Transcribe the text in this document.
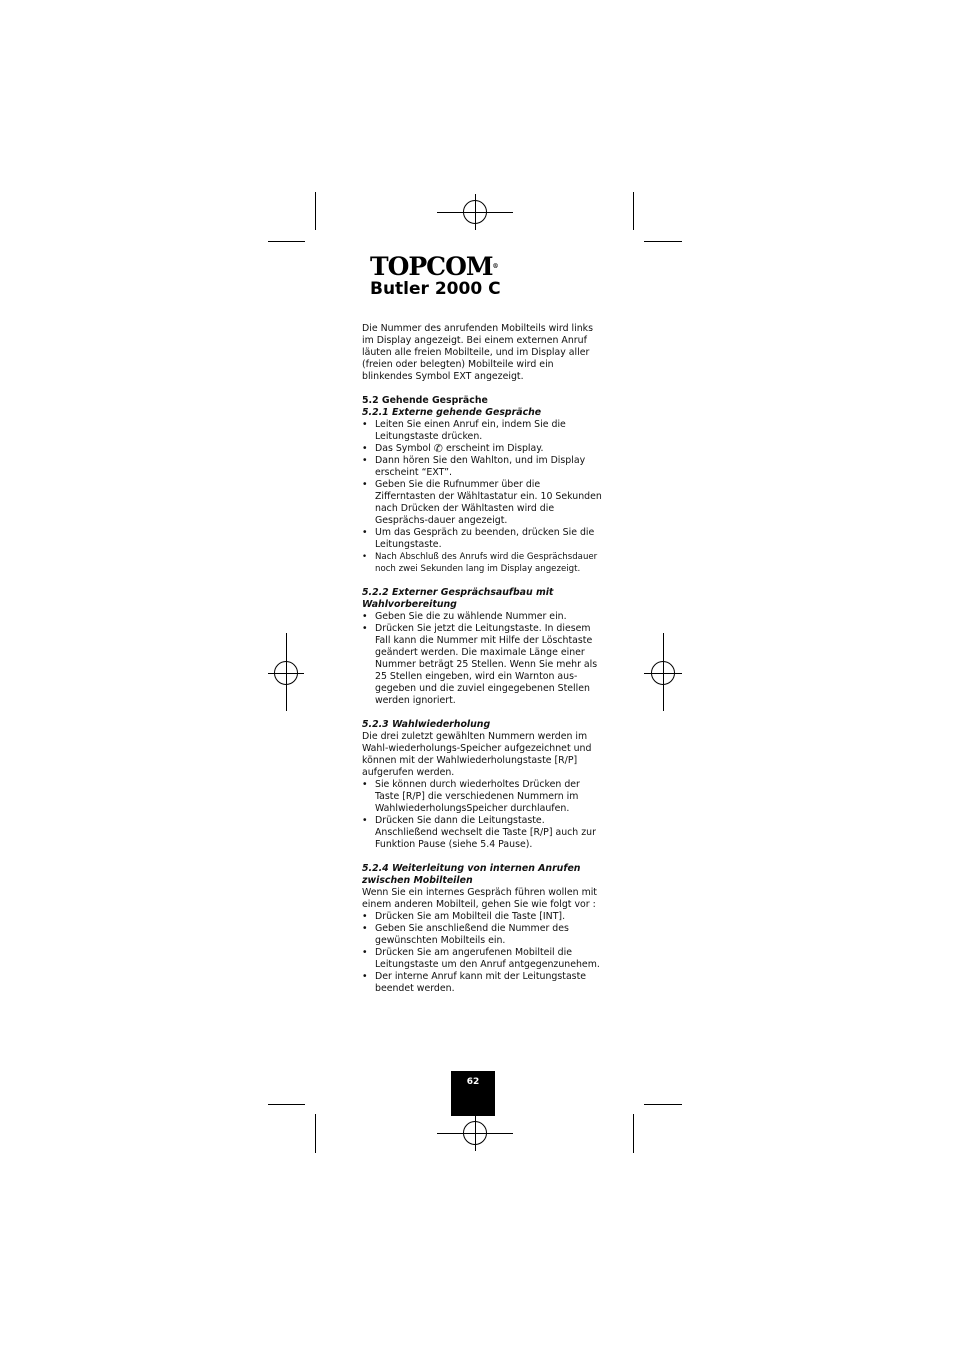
TOPCOM®
Butler 2000 C

Die Nummer des anrufenden Mobilteils wird links im Display angezeigt. Bei einem externen Anruf läuten alle freien Mobilteile, und im Display aller (freien oder belegten) Mobilteile wird ein blinkendes Symbol EXT angezeigt.

5.2 Gehende Gespräche

5.2.1 Externe gehende Gespräche

• Leiten Sie einen Anruf ein, indem Sie die Leitungstaste drücken.
• Das Symbol ✆ erscheint im Display.
• Dann hören Sie den Wahlton, und im Display erscheint “EXT”.
• Geben Sie die Rufnummer über die Zifferntasten der Wähltastatur ein. 10 Sekunden nach Drücken der Wähltasten wird die Gesprächs-dauer angezeigt.
• Um das Gespräch zu beenden, drücken Sie die Leitungstaste.
• Nach Abschluß des Anrufs wird die Gesprächsdauer noch zwei Sekunden lang im Display angezeigt.

5.2.2 Externer Gesprächsaufbau mit Wahlvorbereitung

• Geben Sie die zu wählende Nummer ein.
• Drücken Sie jetzt die Leitungstaste. In diesem Fall kann die Nummer mit Hilfe der Löschtaste geändert werden. Die maximale Länge einer Nummer beträgt 25 Stellen. Wenn Sie mehr als 25 Stellen eingeben, wird ein Warnton aus-gegeben und die zuviel eingegebenen Stellen werden ignoriert.

5.2.3 Wahlwiederholung

Die drei zuletzt gewählten Nummern werden im Wahl-wiederholungs-Speicher aufgezeichnet und können mit der Wahlwiederholungstaste [R/P] aufgerufen werden.

• Sie können durch wiederholtes Drücken der Taste [R/P] die verschiedenen Nummern im WahlwiederholungsSpeicher durchlaufen.
• Drücken Sie dann die Leitungstaste. Anschließend wechselt die Taste [R/P] auch zur Funktion Pause (siehe 5.4 Pause).

5.2.4 Weiterleitung von internen Anrufen zwischen Mobilteilen

Wenn Sie ein internes Gespräch führen wollen mit einem anderen Mobilteil, gehen Sie wie folgt vor :

• Drücken Sie am Mobilteil die Taste [INT].
• Geben Sie anschließend die Nummer des gewünschten Mobilteils ein.
• Drücken Sie am angerufenen Mobilteil die Leitungstaste um den Anruf antgegenzunehem.
• Der interne Anruf kann mit der Leitungstaste beendet werden.
62
